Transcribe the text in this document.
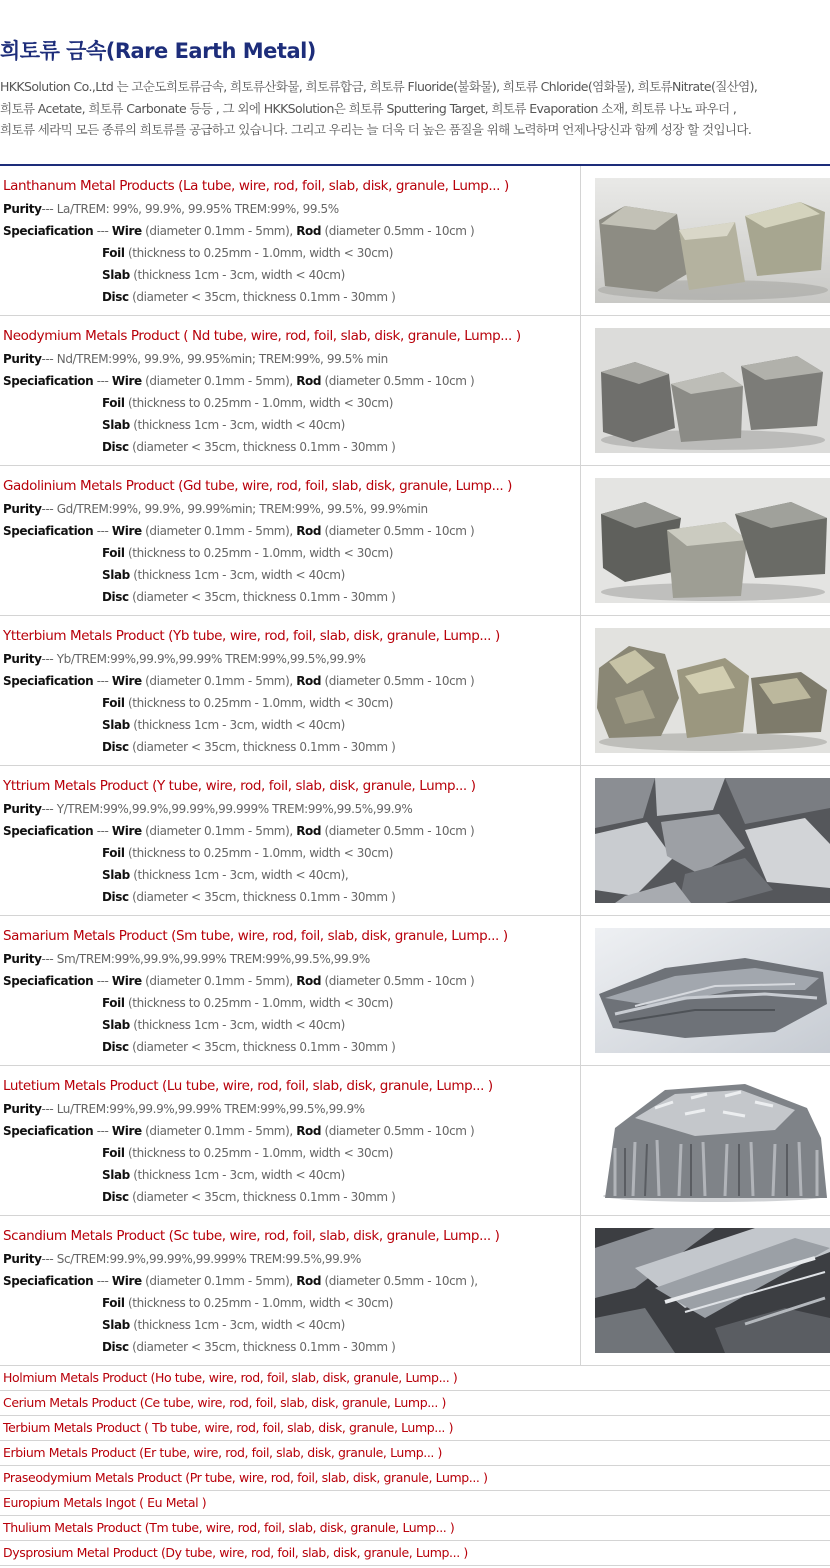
희토류 금속(Rare Earth Metal)
HKKSolution Co.,Ltd 는 고순도희토류금속, 희토류산화물, 희토류합금, 희토류 Fluoride(불화물), 희토류 Chloride(염화물), 희토류Nitrate(질산염),
희토류 Acetate, 희토류 Carbonate 등등 , 그 외에 HKKSolution은 희토류 Sputtering Target, 희토류 Evaporation 소재, 희토류 나노 파우더 ,
희토류 세라믹 모든 종류의 희토류를 공급하고 있습니다. 그리고 우리는 늘 더욱 더 높은 품질을 위해 노력하며 언제나당신과 함께 성장 할 것입니다.
Lanthanum Metal Products (La tube, wire, rod, foil, slab, disk, granule, Lump... )
Purity--- La/TREM: 99%, 99.9%, 99.95% TREM:99%, 99.5%
Speciafication --- Wire (diameter 0.1mm - 5mm), Rod (diameter 0.5mm - 10cm )
Foil (thickness to 0.25mm - 1.0mm, width < 30cm)
Slab (thickness 1cm - 3cm, width < 40cm)
Disc (diameter < 35cm, thickness 0.1mm - 30mm )
Neodymium Metals Product ( Nd tube, wire, rod, foil, slab, disk, granule, Lump... )
Purity--- Nd/TREM:99%, 99.9%, 99.95%min; TREM:99%, 99.5% min
Speciafication --- Wire (diameter 0.1mm - 5mm), Rod (diameter 0.5mm - 10cm )
Foil (thickness to 0.25mm - 1.0mm, width < 30cm)
Slab (thickness 1cm - 3cm, width < 40cm)
Disc (diameter < 35cm, thickness 0.1mm - 30mm )
Gadolinium Metals Product (Gd tube, wire, rod, foil, slab, disk, granule, Lump... )
Purity--- Gd/TREM:99%, 99.9%, 99.99%min; TREM:99%, 99.5%, 99.9%min
Speciafication --- Wire (diameter 0.1mm - 5mm), Rod (diameter 0.5mm - 10cm )
Foil (thickness to 0.25mm - 1.0mm, width < 30cm)
Slab (thickness 1cm - 3cm, width < 40cm)
Disc (diameter < 35cm, thickness 0.1mm - 30mm )
Ytterbium Metals Product (Yb tube, wire, rod, foil, slab, disk, granule, Lump... )
Purity--- Yb/TREM:99%,99.9%,99.99% TREM:99%,99.5%,99.9%
Speciafication --- Wire (diameter 0.1mm - 5mm), Rod (diameter 0.5mm - 10cm )
Foil (thickness to 0.25mm - 1.0mm, width < 30cm)
Slab (thickness 1cm - 3cm, width < 40cm)
Disc (diameter < 35cm, thickness 0.1mm - 30mm )
Yttrium Metals Product (Y tube, wire, rod, foil, slab, disk, granule, Lump... )
Purity--- Y/TREM:99%,99.9%,99.99%,99.999% TREM:99%,99.5%,99.9%
Speciafication --- Wire (diameter 0.1mm - 5mm), Rod (diameter 0.5mm - 10cm )
Foil (thickness to 0.25mm - 1.0mm, width < 30cm)
Slab (thickness 1cm - 3cm, width < 40cm),
Disc (diameter < 35cm, thickness 0.1mm - 30mm )
Samarium Metals Product (Sm tube, wire, rod, foil, slab, disk, granule, Lump... )
Purity--- Sm/TREM:99%,99.9%,99.99% TREM:99%,99.5%,99.9%
Speciafication --- Wire (diameter 0.1mm - 5mm), Rod (diameter 0.5mm - 10cm )
Foil (thickness to 0.25mm - 1.0mm, width < 30cm)
Slab (thickness 1cm - 3cm, width < 40cm)
Disc (diameter < 35cm, thickness 0.1mm - 30mm )
Lutetium Metals Product (Lu tube, wire, rod, foil, slab, disk, granule, Lump... )
Purity--- Lu/TREM:99%,99.9%,99.99% TREM:99%,99.5%,99.9%
Speciafication --- Wire (diameter 0.1mm - 5mm), Rod (diameter 0.5mm - 10cm )
Foil (thickness to 0.25mm - 1.0mm, width < 30cm)
Slab (thickness 1cm - 3cm, width < 40cm)
Disc (diameter < 35cm, thickness 0.1mm - 30mm )
Scandium Metals Product (Sc tube, wire, rod, foil, slab, disk, granule, Lump... )
Purity--- Sc/TREM:99.9%,99.99%,99.999% TREM:99.5%,99.9%
Speciafication --- Wire (diameter 0.1mm - 5mm), Rod (diameter 0.5mm - 10cm ),
Foil (thickness to 0.25mm - 1.0mm, width < 30cm)
Slab (thickness 1cm - 3cm, width < 40cm)
Disc (diameter < 35cm, thickness 0.1mm - 30mm )
Holmium Metals Product (Ho tube, wire, rod, foil, slab, disk, granule, Lump... )
Cerium Metals Product (Ce tube, wire, rod, foil, slab, disk, granule, Lump... )
Terbium Metals Product ( Tb tube, wire, rod, foil, slab, disk, granule, Lump... )
Erbium Metals Product (Er tube, wire, rod, foil, slab, disk, granule, Lump... )
Praseodymium Metals Product (Pr tube, wire, rod, foil, slab, disk, granule, Lump... )
Europium Metals Ingot ( Eu Metal )
Thulium Metals Product (Tm tube, wire, rod, foil, slab, disk, granule, Lump... )
Dysprosium Metal Product (Dy tube, wire, rod, foil, slab, disk, granule, Lump... )
